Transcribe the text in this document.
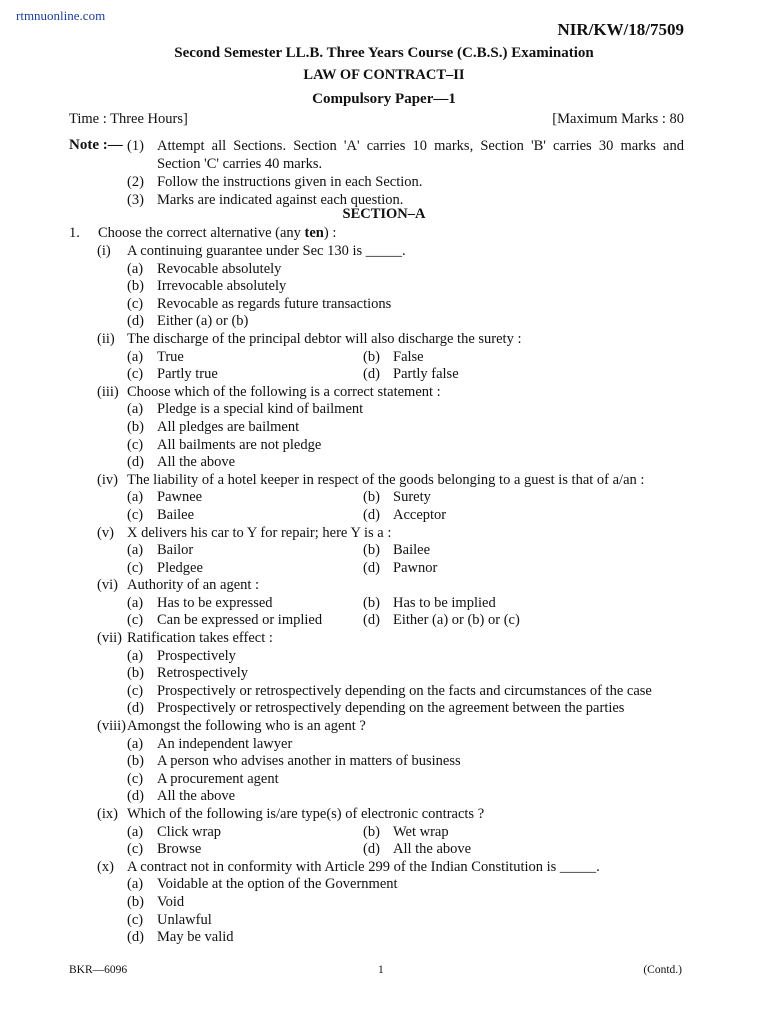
rtmnuonline.com
NIR/KW/18/7509
Second Semester LL.B. Three Years Course (C.B.S.) Examination
LAW OF CONTRACT–II
Compulsory Paper—1
Time : Three Hours]	[Maximum Marks : 80
Note :— (1) Attempt all Sections. Section 'A' carries 10 marks, Section 'B' carries 30 marks and Section 'C' carries 40 marks.
(2) Follow the instructions given in each Section.
(3) Marks are indicated against each question.
SECTION–A
1. Choose the correct alternative (any ten) :
(i) A continuing guarantee under Sec 130 is _____.
(a) Revocable absolutely
(b) Irrevocable absolutely
(c) Revocable as regards future transactions
(d) Either (a) or (b)
(ii) The discharge of the principal debtor will also discharge the surety :
(a) True	(b) False
(c) Partly true	(d) Partly false
(iii) Choose which of the following is a correct statement :
(a) Pledge is a special kind of bailment
(b) All pledges are bailment
(c) All bailments are not pledge
(d) All the above
(iv) The liability of a hotel keeper in respect of the goods belonging to a guest is that of a/an :
(a) Pawnee	(b) Surety
(c) Bailee	(d) Acceptor
(v) X delivers his car to Y for repair; here Y is a :
(a) Bailor	(b) Bailee
(c) Pledgee	(d) Pawnor
(vi) Authority of an agent :
(a) Has to be expressed	(b) Has to be implied
(c) Can be expressed or implied	(d) Either (a) or (b) or (c)
(vii) Ratification takes effect :
(a) Prospectively
(b) Retrospectively
(c) Prospectively or retrospectively depending on the facts and circumstances of the case
(d) Prospectively or retrospectively depending on the agreement between the parties
(viii) Amongst the following who is an agent ?
(a) An independent lawyer
(b) A person who advises another in matters of business
(c) A procurement agent
(d) All the above
(ix) Which of the following is/are type(s) of electronic contracts ?
(a) Click wrap	(b) Wet wrap
(c) Browse	(d) All the above
(x) A contract not in conformity with Article 299 of the Indian Constitution is _____.
(a) Voidable at the option of the Government
(b) Void
(c) Unlawful
(d) May be valid
BKR—6096	1	(Contd.)
